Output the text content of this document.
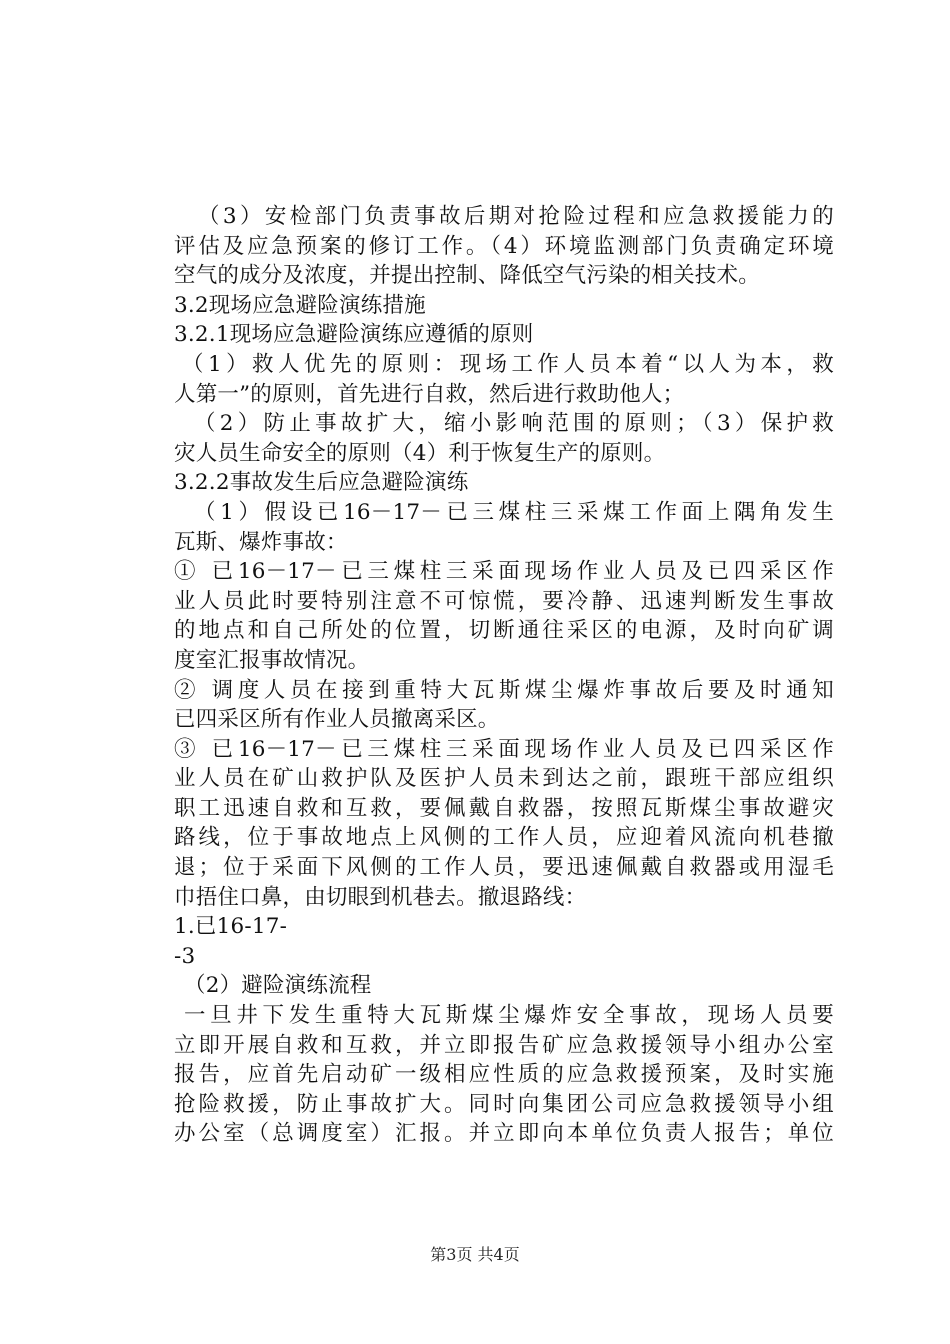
（3）安检部门负责事故后期对抢险过程和应急救援能力的
评估及应急预案的修订工作。（4）环境监测部门负责确定环境
空气的成分及浓度，并提出控制、降低空气污染的相关技术。
3.2现场应急避险演练措施
3.2.1现场应急避险演练应遵循的原则
（1）救人优先的原则：现场工作人员本着“以人为本，救
人第一”的原则，首先进行自救，然后进行救助他人；
（2）防止事故扩大，缩小影响范围的原则；（3）保护救
灾人员生命安全的原则（4）利于恢复生产的原则。
3.2.2事故发生后应急避险演练
（1）假设已16－17－已三煤柱三采煤工作面上隅角发生
瓦斯、爆炸事故：
① 已16－17－已三煤柱三采面现场作业人员及已四采区作
业人员此时要特别注意不可惊慌，要冷静、迅速判断发生事故
的地点和自己所处的位置，切断通往采区的电源，及时向矿调
度室汇报事故情况。
② 调度人员在接到重特大瓦斯煤尘爆炸事故后要及时通知
已四采区所有作业人员撤离采区。
③ 已16－17－已三煤柱三采面现场作业人员及已四采区作
业人员在矿山救护队及医护人员未到达之前，跟班干部应组织
职工迅速自救和互救，要佩戴自救器，按照瓦斯煤尘事故避灾
路线，位于事故地点上风侧的工作人员，应迎着风流向机巷撤
退；位于采面下风侧的工作人员，要迅速佩戴自救器或用湿毛
巾捂住口鼻，由切眼到机巷去。撤退路线：
1.已16-17-
-3
（2）避险演练流程
一旦井下发生重特大瓦斯煤尘爆炸安全事故，现场人员要
立即开展自救和互救，并立即报告矿应急救援领导小组办公室
报告，应首先启动矿一级相应性质的应急救援预案，及时实施
抢险救援，防止事故扩大。同时向集团公司应急救援领导小组
办公室（总调度室）汇报。并立即向本单位负责人报告；单位
第3页 共4页
